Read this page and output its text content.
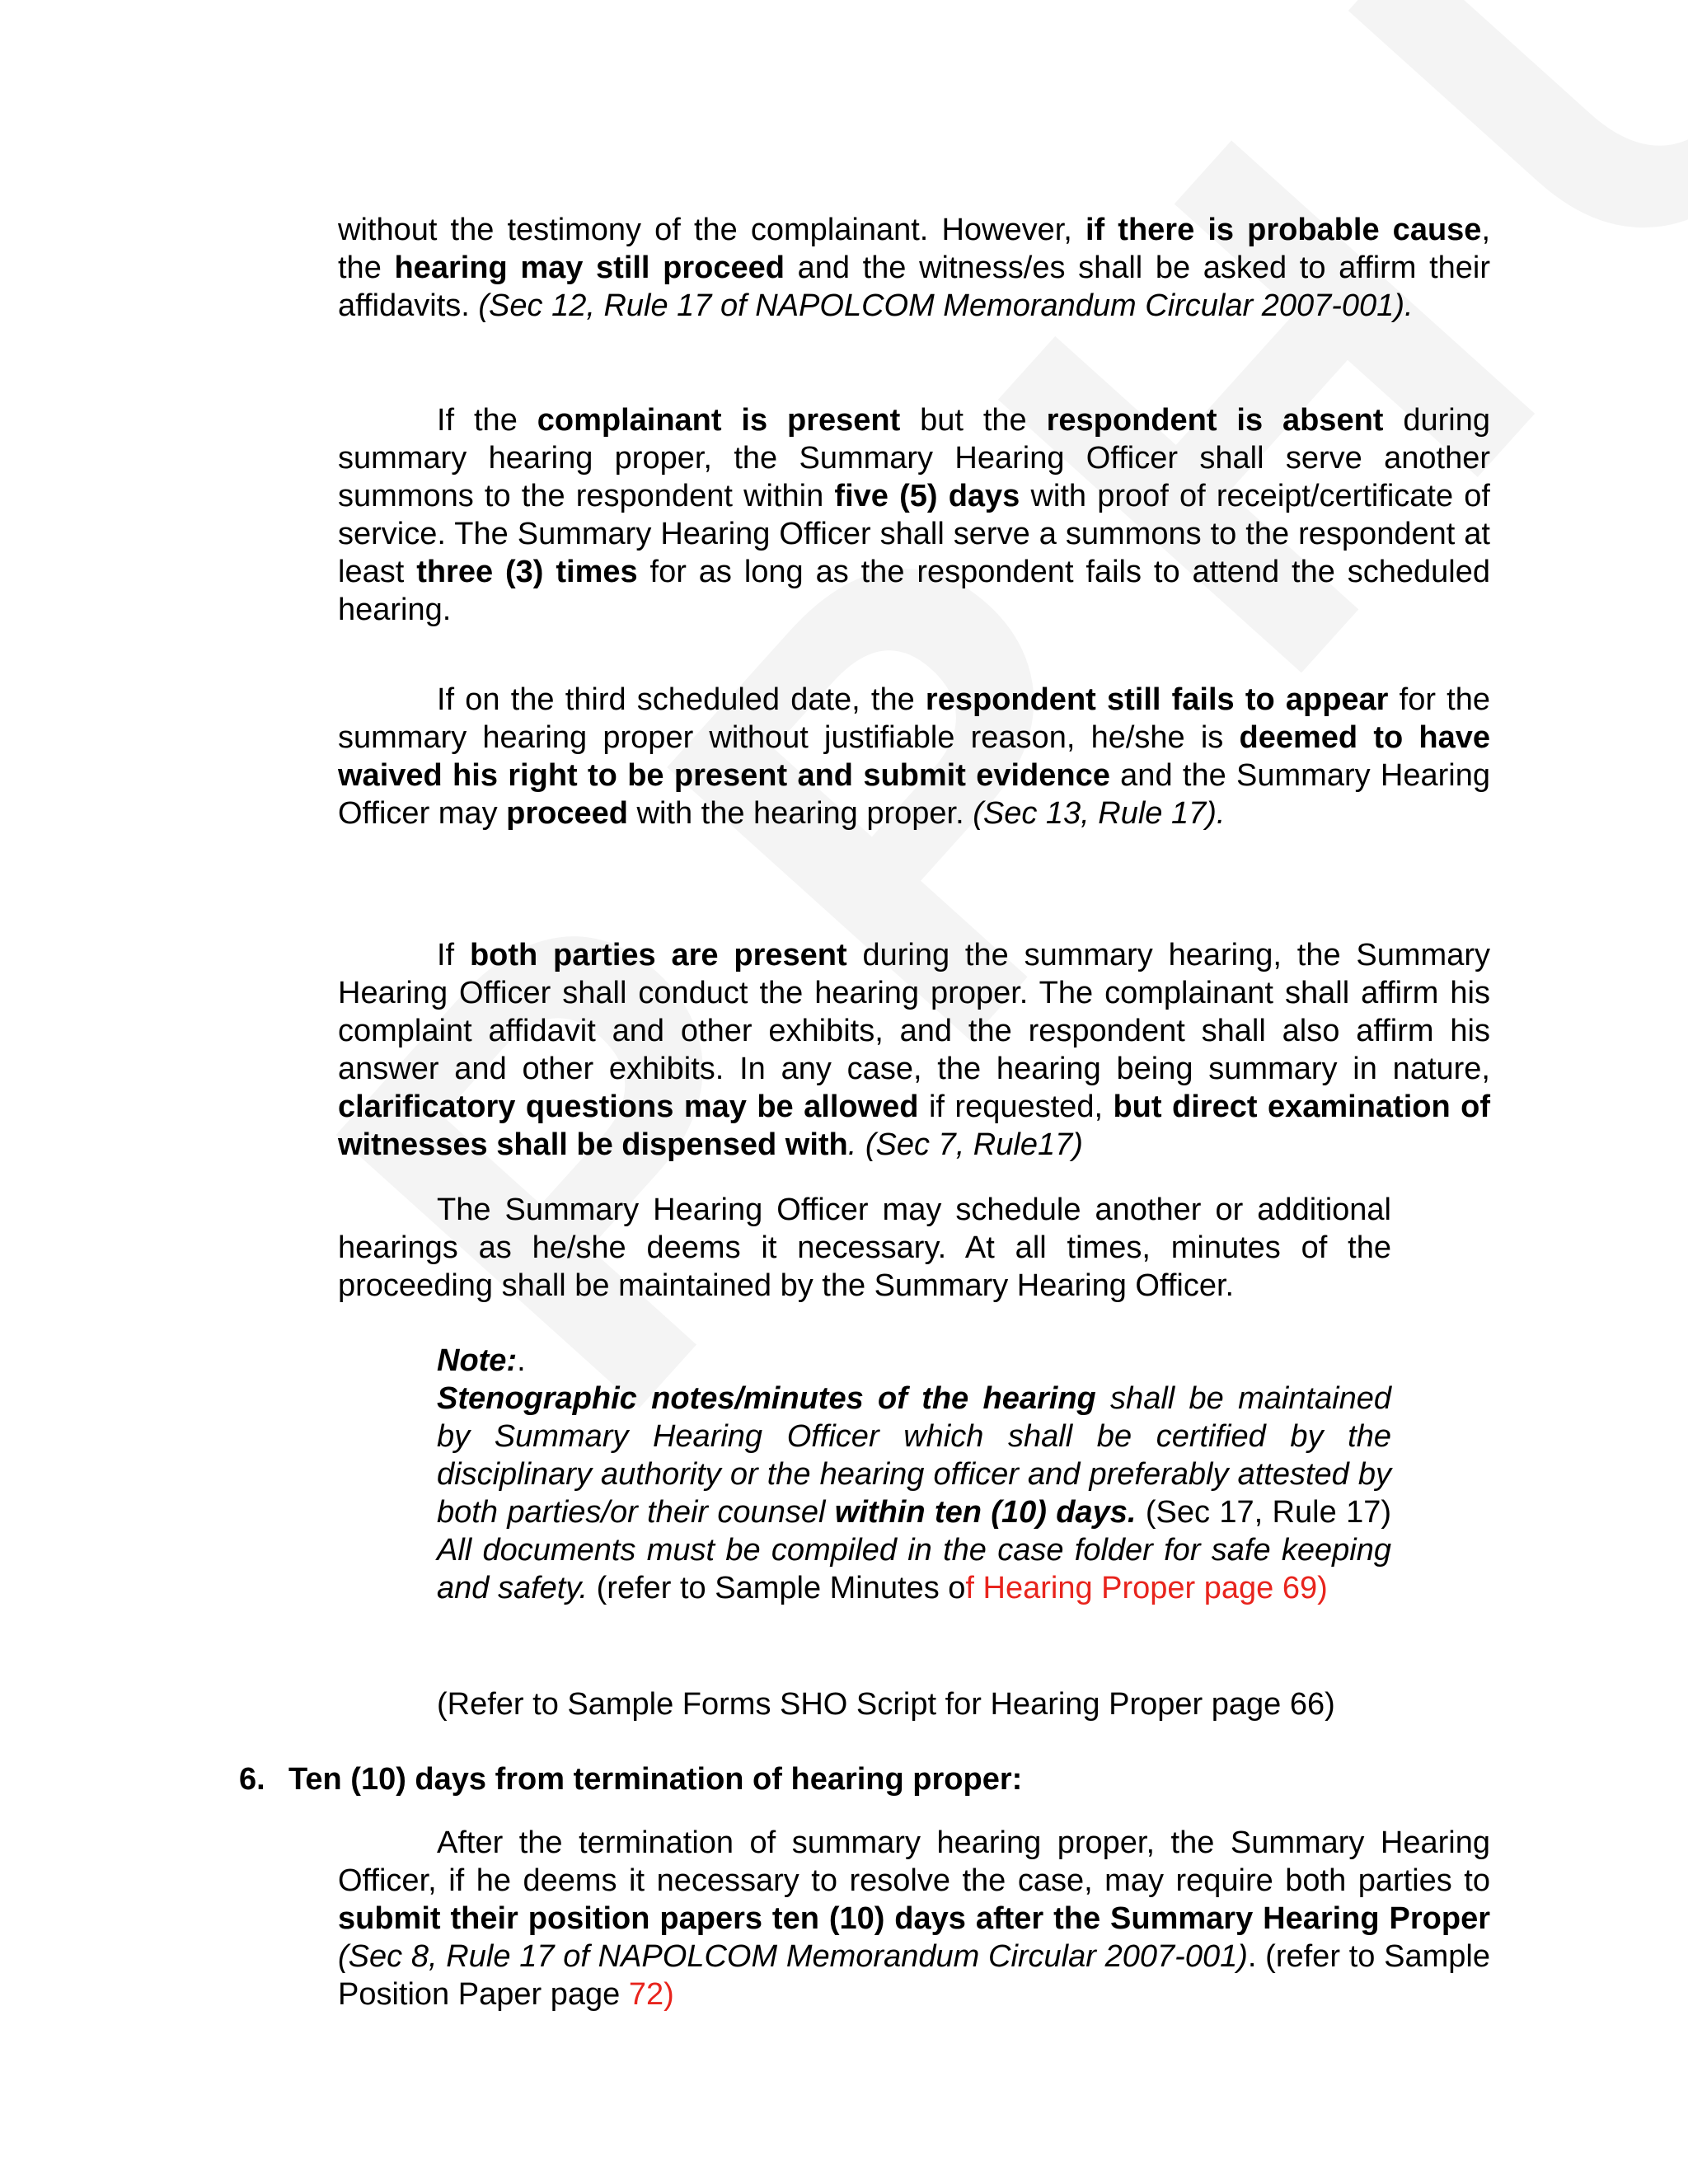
without the testimony of the complainant. However, if there is probable cause, the hearing may still proceed and the witness/es shall be asked to affirm their affidavits. (Sec 12, Rule 17 of NAPOLCOM Memorandum Circular 2007-001).

If the complainant is present but the respondent is absent during summary hearing proper, the Summary Hearing Officer shall serve another summons to the respondent within five (5) days with proof of receipt/certificate of service. The Summary Hearing Officer shall serve a summons to the respondent at least three (3) times for as long as the respondent fails to attend the scheduled hearing.

If on the third scheduled date, the respondent still fails to appear for the summary hearing proper without justifiable reason, he/she is deemed to have waived his right to be present and submit evidence and the Summary Hearing Officer may proceed with the hearing proper. (Sec 13, Rule 17).

If both parties are present during the summary hearing, the Summary Hearing Officer shall conduct the hearing proper. The complainant shall affirm his complaint affidavit and other exhibits, and the respondent shall also affirm his answer and other exhibits. In any case, the hearing being summary in nature, clarificatory questions may be allowed if requested, but direct examination of witnesses shall be dispensed with. (Sec 7, Rule17)

The Summary Hearing Officer may schedule another or additional hearings as he/she deems it necessary. At all times, minutes of the proceeding shall be maintained by the Summary Hearing Officer.

Note:.
Stenographic notes/minutes of the hearing shall be maintained by Summary Hearing Officer which shall be certified by the disciplinary authority or the hearing officer and preferably attested by both parties/or their counsel within ten (10) days. (Sec 17, Rule 17) All documents must be compiled in the case folder for safe keeping and safety. (refer to Sample Minutes of Hearing Proper page 69)

(Refer to Sample Forms SHO Script for Hearing Proper page 66)

6. Ten (10) days from termination of hearing proper:

After the termination of summary hearing proper, the Summary Hearing Officer, if he deems it necessary to resolve the case, may require both parties to submit their position papers ten (10) days after the Summary Hearing Proper (Sec 8, Rule 17 of NAPOLCOM Memorandum Circular 2007-001). (refer to Sample Position Paper page 72)
